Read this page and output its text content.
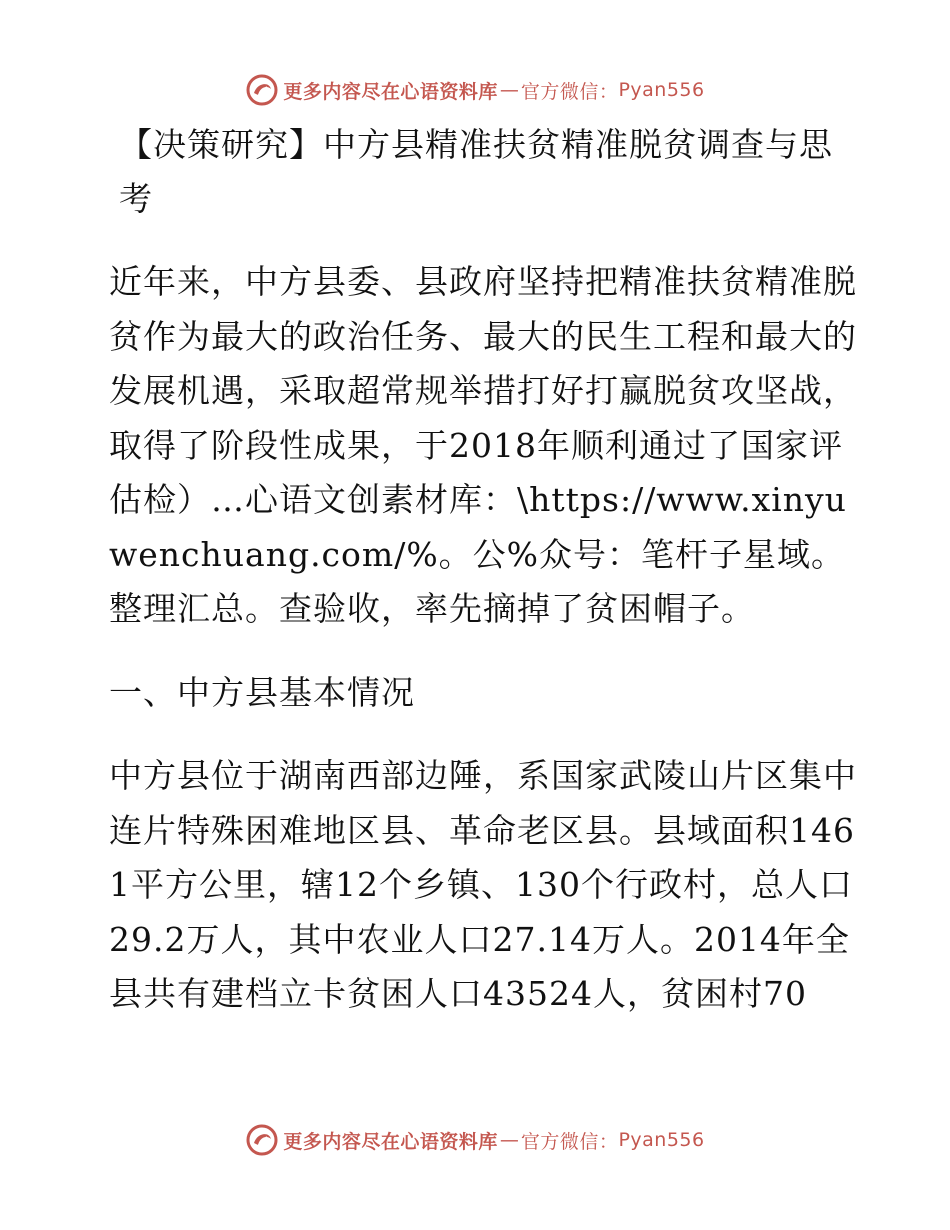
更多内容尽在心语资料库 — 官方微信： Pyan556
【决策研究】中方县精准扶贫精准脱贫调查与思考

近年来，中方县委、县政府坚持把精准扶贫精准脱贫作为最大的政治任务、最大的民生工程和最大的发展机遇，采取超常规举措打好打赢脱贫攻坚战，取得了阶段性成果，于2018年顺利通过了国家评估检）…心语文创素材库：\https://www.xinyuwenchuang.com/%。公%众号：笔杆子星域。整理汇总。查验收，率先摘掉了贫困帽子。

一、中方县基本情况

中方县位于湖南西部边陲，系国家武陵山片区集中连片特殊困难地区县、革命老区县。县域面积1461平方公里，辖12个乡镇、130个行政村，总人口29.2万人，其中农业人口27.14万人。2014年全县共有建档立卡贫困人口43524人，贫困村70

更多内容尽在心语资料库 — 官方微信： Pyan556
